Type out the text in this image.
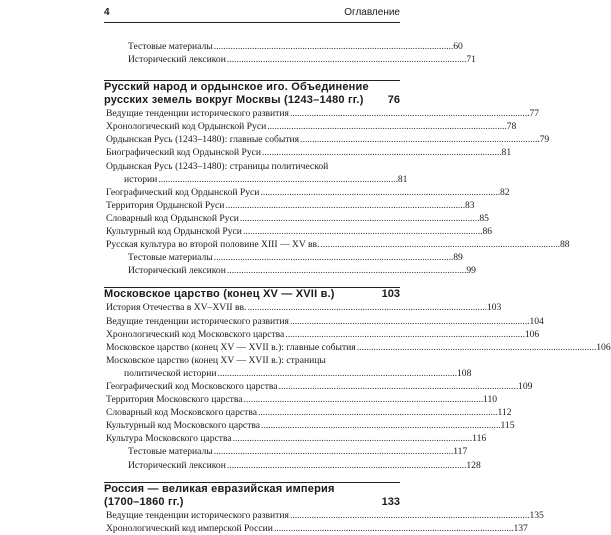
4	Оглавление
Тестовые материалы . . .	60
Исторический лексикон . . .	71
Русский народ и ордынское иго. Объединение
русских земель вокруг Москвы (1243–1480 гг.) 76
Ведущие тенденции исторического развития . . .	77
Хронологический код Ордынской Руси . . .	78
Ордынская Русь (1243–1480): главные события . . .	79
Биографический код Ордынской Руси . . .	81
Ордынская Русь (1243–1480): страницы политической
истории . . .	81
Географический код Ордынской Руси . . .	82
Территория Ордынской Руси . . .	83
Словарный код Ордынской Руси . . .	85
Культурный код Ордынской Руси . . .	86
Русская культура во второй половине XIII — XV вв. . . .	88
Тестовые материалы . . .	89
Исторический лексикон . . .	99
Московское царство (конец XV — XVII в.)	103
История Отечества в XV–XVII вв. . . .	103
Ведущие тенденции исторического развития . . .	104
Хронологический код Московского царства . . .	106
Московское царство (конец XV — XVII в.): главные события . . .	106
Московское царство (конец XV — XVII в.): страницы
политической истории . . .	108
Географический код Московского царства . . .	109
Территория Московского царства . . .	110
Словарный код Московского царства . . .	112
Культурный код Московского царства . . .	115
Культура Московского царства . . .	116
Тестовые материалы . . .	117
Исторический лексикон . . .	128
Россия — великая евразийская империя
(1700–1860 гг.)	133
Ведущие тенденции исторического развития . . .	135
Хронологический код имперской России . . .	137
